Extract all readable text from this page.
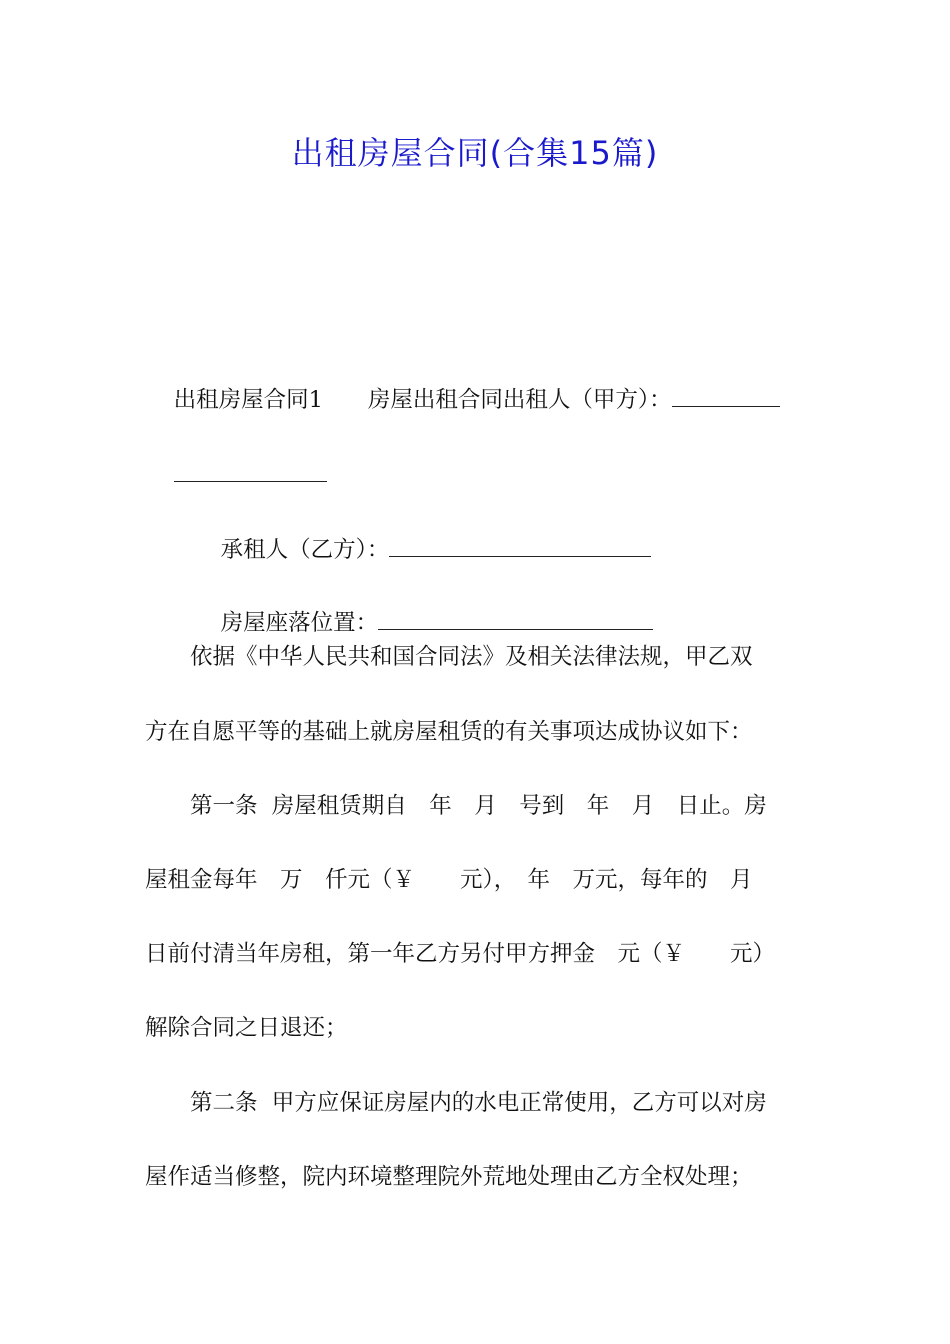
出租房屋合同(合集15篇)

出租房屋合同1　　房屋出租合同出租人（甲方）：

承租人（乙方）：

房屋座落位置：

　　依据《中华人民共和国合同法》及相关法律法规，甲乙双
方在自愿平等的基础上就房屋租赁的有关事项达成协议如下：
　　第一条  房屋租赁期自　年　月　号到　年　月　日止。房
屋租金每年　万　仟元（￥　　元），　年　万元，每年的　月
日前付清当年房租，第一年乙方另付甲方押金　元（￥　　元）
解除合同之日退还；
　　第二条  甲方应保证房屋内的水电正常使用，乙方可以对房
屋作适当修整，院内环境整理院外荒地处理由乙方全权处理；
